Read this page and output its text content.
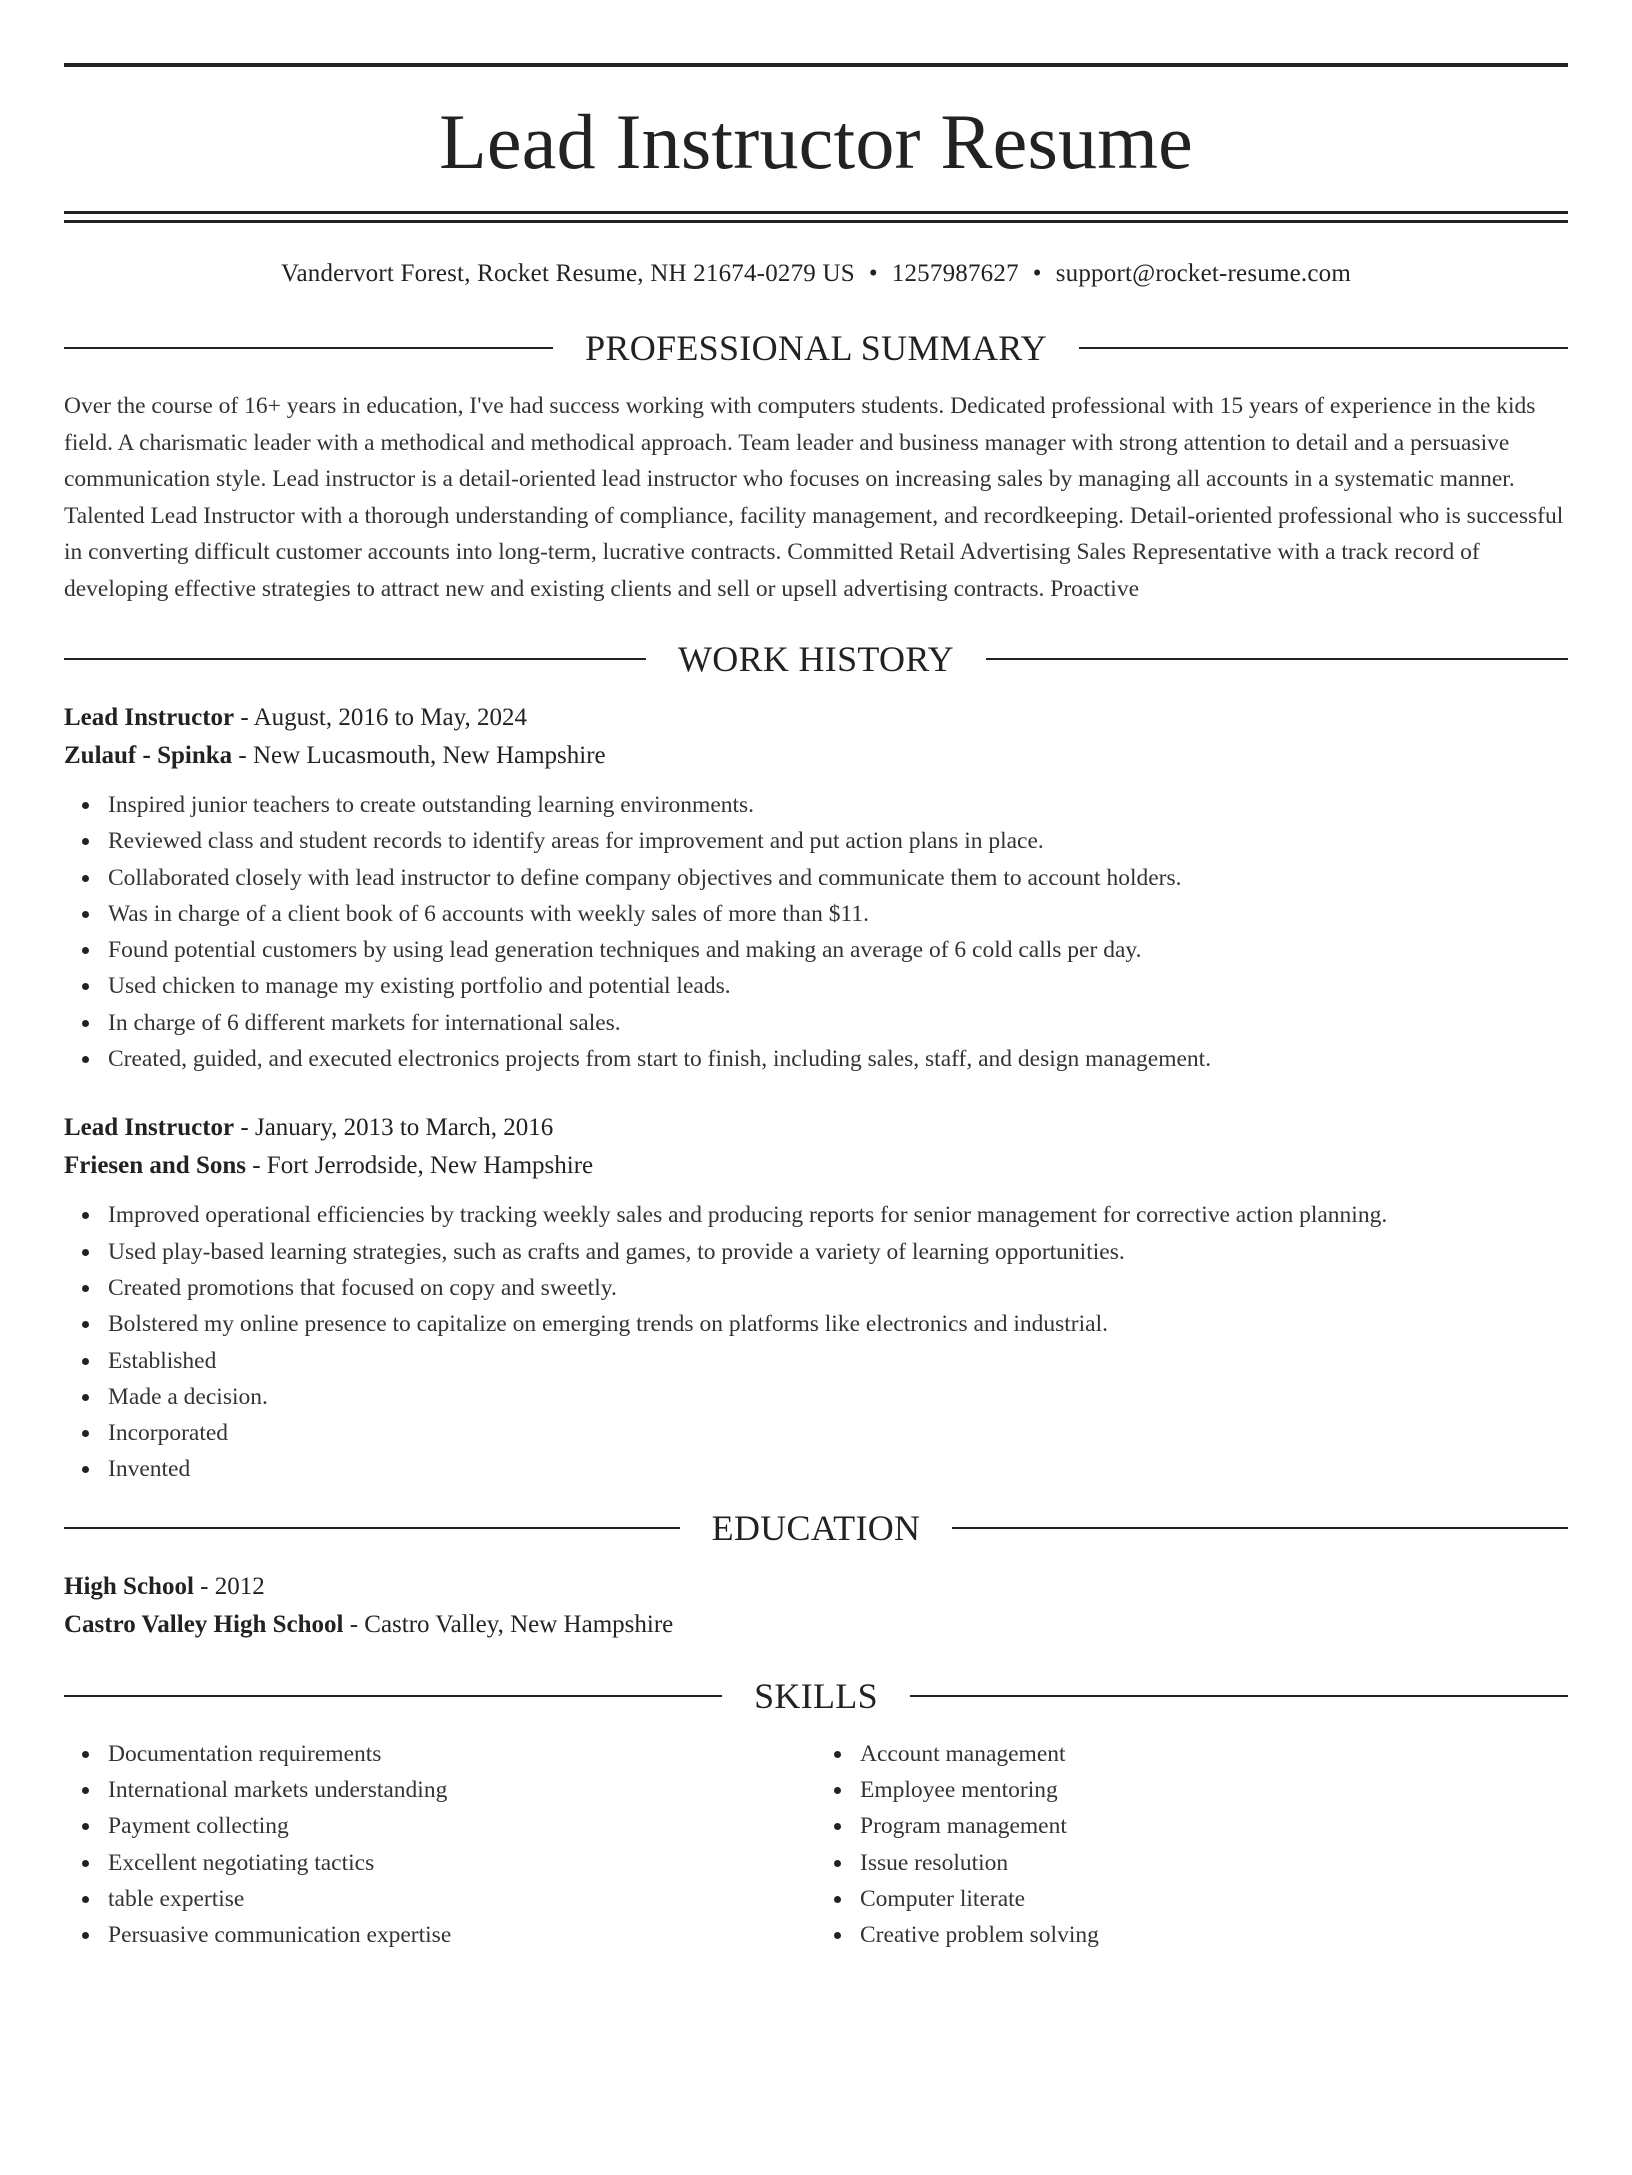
Lead Instructor Resume
Vandervort Forest, Rocket Resume, NH 21674-0279 US • 1257987627 • support@rocket-resume.com
PROFESSIONAL SUMMARY

Over the course of 16+ years in education, I've had success working with computers students. Dedicated professional with 15 years of experience in the kids field. A charismatic leader with a methodical and methodical approach. Team leader and business manager with strong attention to detail and a persuasive communication style. Lead instructor is a detail-oriented lead instructor who focuses on increasing sales by managing all accounts in a systematic manner. Talented Lead Instructor with a thorough understanding of compliance, facility management, and recordkeeping. Detail-oriented professional who is successful in converting difficult customer accounts into long-term, lucrative contracts. Committed Retail Advertising Sales Representative with a track record of developing effective strategies to attract new and existing clients and sell or upsell advertising contracts. Proactive

WORK HISTORY
Lead Instructor - August, 2016 to May, 2024
Zulauf - Spinka - New Lucasmouth, New Hampshire
Inspired junior teachers to create outstanding learning environments.
Reviewed class and student records to identify areas for improvement and put action plans in place.
Collaborated closely with lead instructor to define company objectives and communicate them to account holders.
Was in charge of a client book of 6 accounts with weekly sales of more than $11.
Found potential customers by using lead generation techniques and making an average of 6 cold calls per day.
Used chicken to manage my existing portfolio and potential leads.
In charge of 6 different markets for international sales.
Created, guided, and executed electronics projects from start to finish, including sales, staff, and design management.
Lead Instructor - January, 2013 to March, 2016
Friesen and Sons - Fort Jerrodside, New Hampshire
Improved operational efficiencies by tracking weekly sales and producing reports for senior management for corrective action planning.
Used play-based learning strategies, such as crafts and games, to provide a variety of learning opportunities.
Created promotions that focused on copy and sweetly.
Bolstered my online presence to capitalize on emerging trends on platforms like electronics and industrial.
Established
Made a decision.
Incorporated
Invented
EDUCATION
High School - 2012
Castro Valley High School - Castro Valley, New Hampshire
SKILLS
Documentation requirements
International markets understanding
Payment collecting
Excellent negotiating tactics
table expertise
Persuasive communication expertise
Account management
Employee mentoring
Program management
Issue resolution
Computer literate
Creative problem solving
